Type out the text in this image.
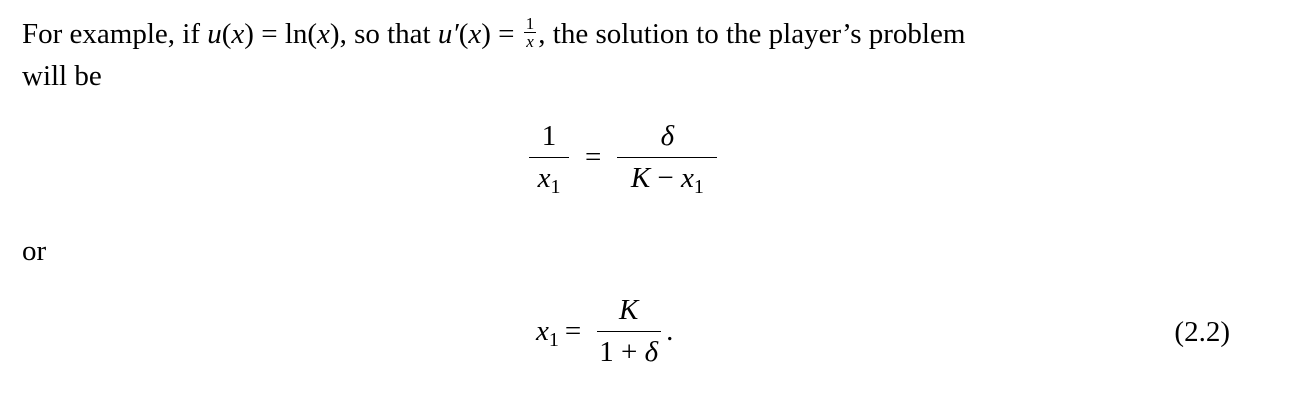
For example, if u(x) = ln(x), so that $u'(x) = \frac{1}{x}$ , the solution to the player’s problem
will be
$\frac{1}{x_1} = \frac{\delta}{K - x_1}$
or
$x_1 = \frac{K}{1 + \delta}$ .	(2.2)
